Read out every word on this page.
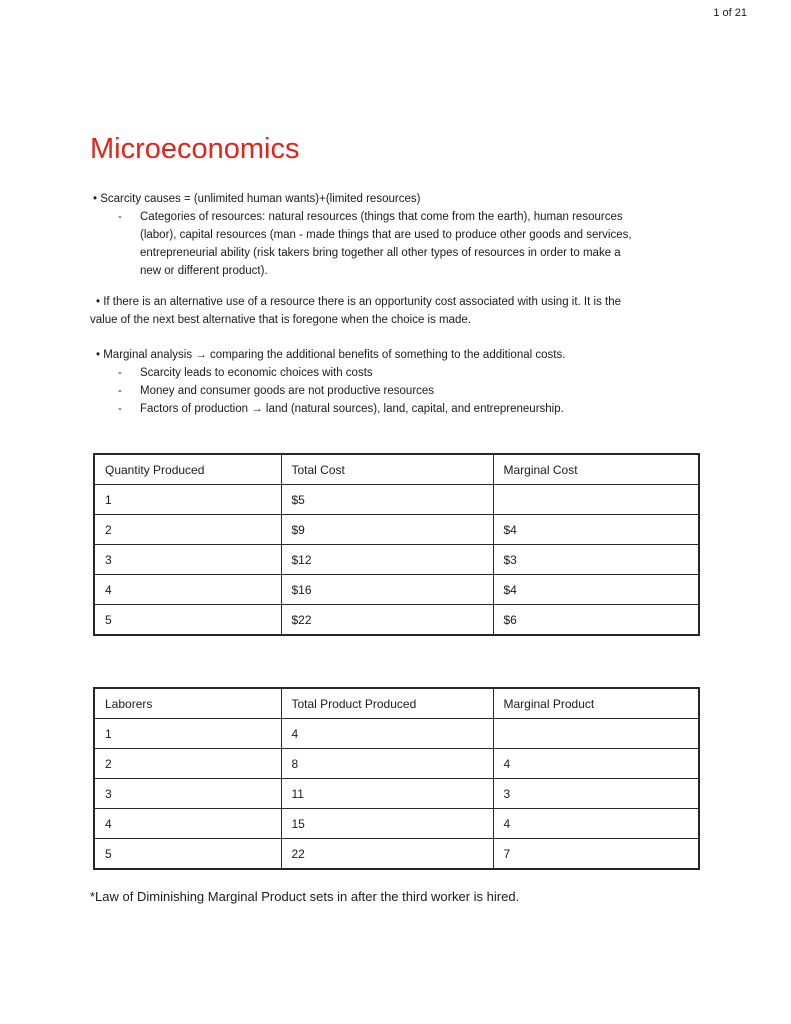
1 of 21
Microeconomics
• Scarcity causes = (unlimited human wants)+(limited resources)
-	Categories of resources: natural resources (things that come from the earth), human resources
(labor), capital resources (man - made things that are used to produce other goods and services,
entrepreneurial ability (risk takers bring together all other types of resources in order to make a
new or different product).
• If there is an alternative use of a resource there is an opportunity cost associated with using it. It is the
value of the next best alternative that is foregone when the choice is made.
• Marginal analysis → comparing the additional benefits of something to the additional costs.
-	Scarcity leads to economic choices with costs
-	Money and consumer goods are not productive resources
-	Factors of production → land (natural sources), land, capital, and entrepreneurship.
Quantity Produced	Total Cost	Marginal Cost
1	$5	
2	$9	$4
3	$12	$3
4	$16	$4
5	$22	$6
Laborers	Total Product Produced	Marginal Product
1	4	
2	8	4
3	11	3
4	15	4
5	22	7
*Law of Diminishing Marginal Product sets in after the third worker is hired.
